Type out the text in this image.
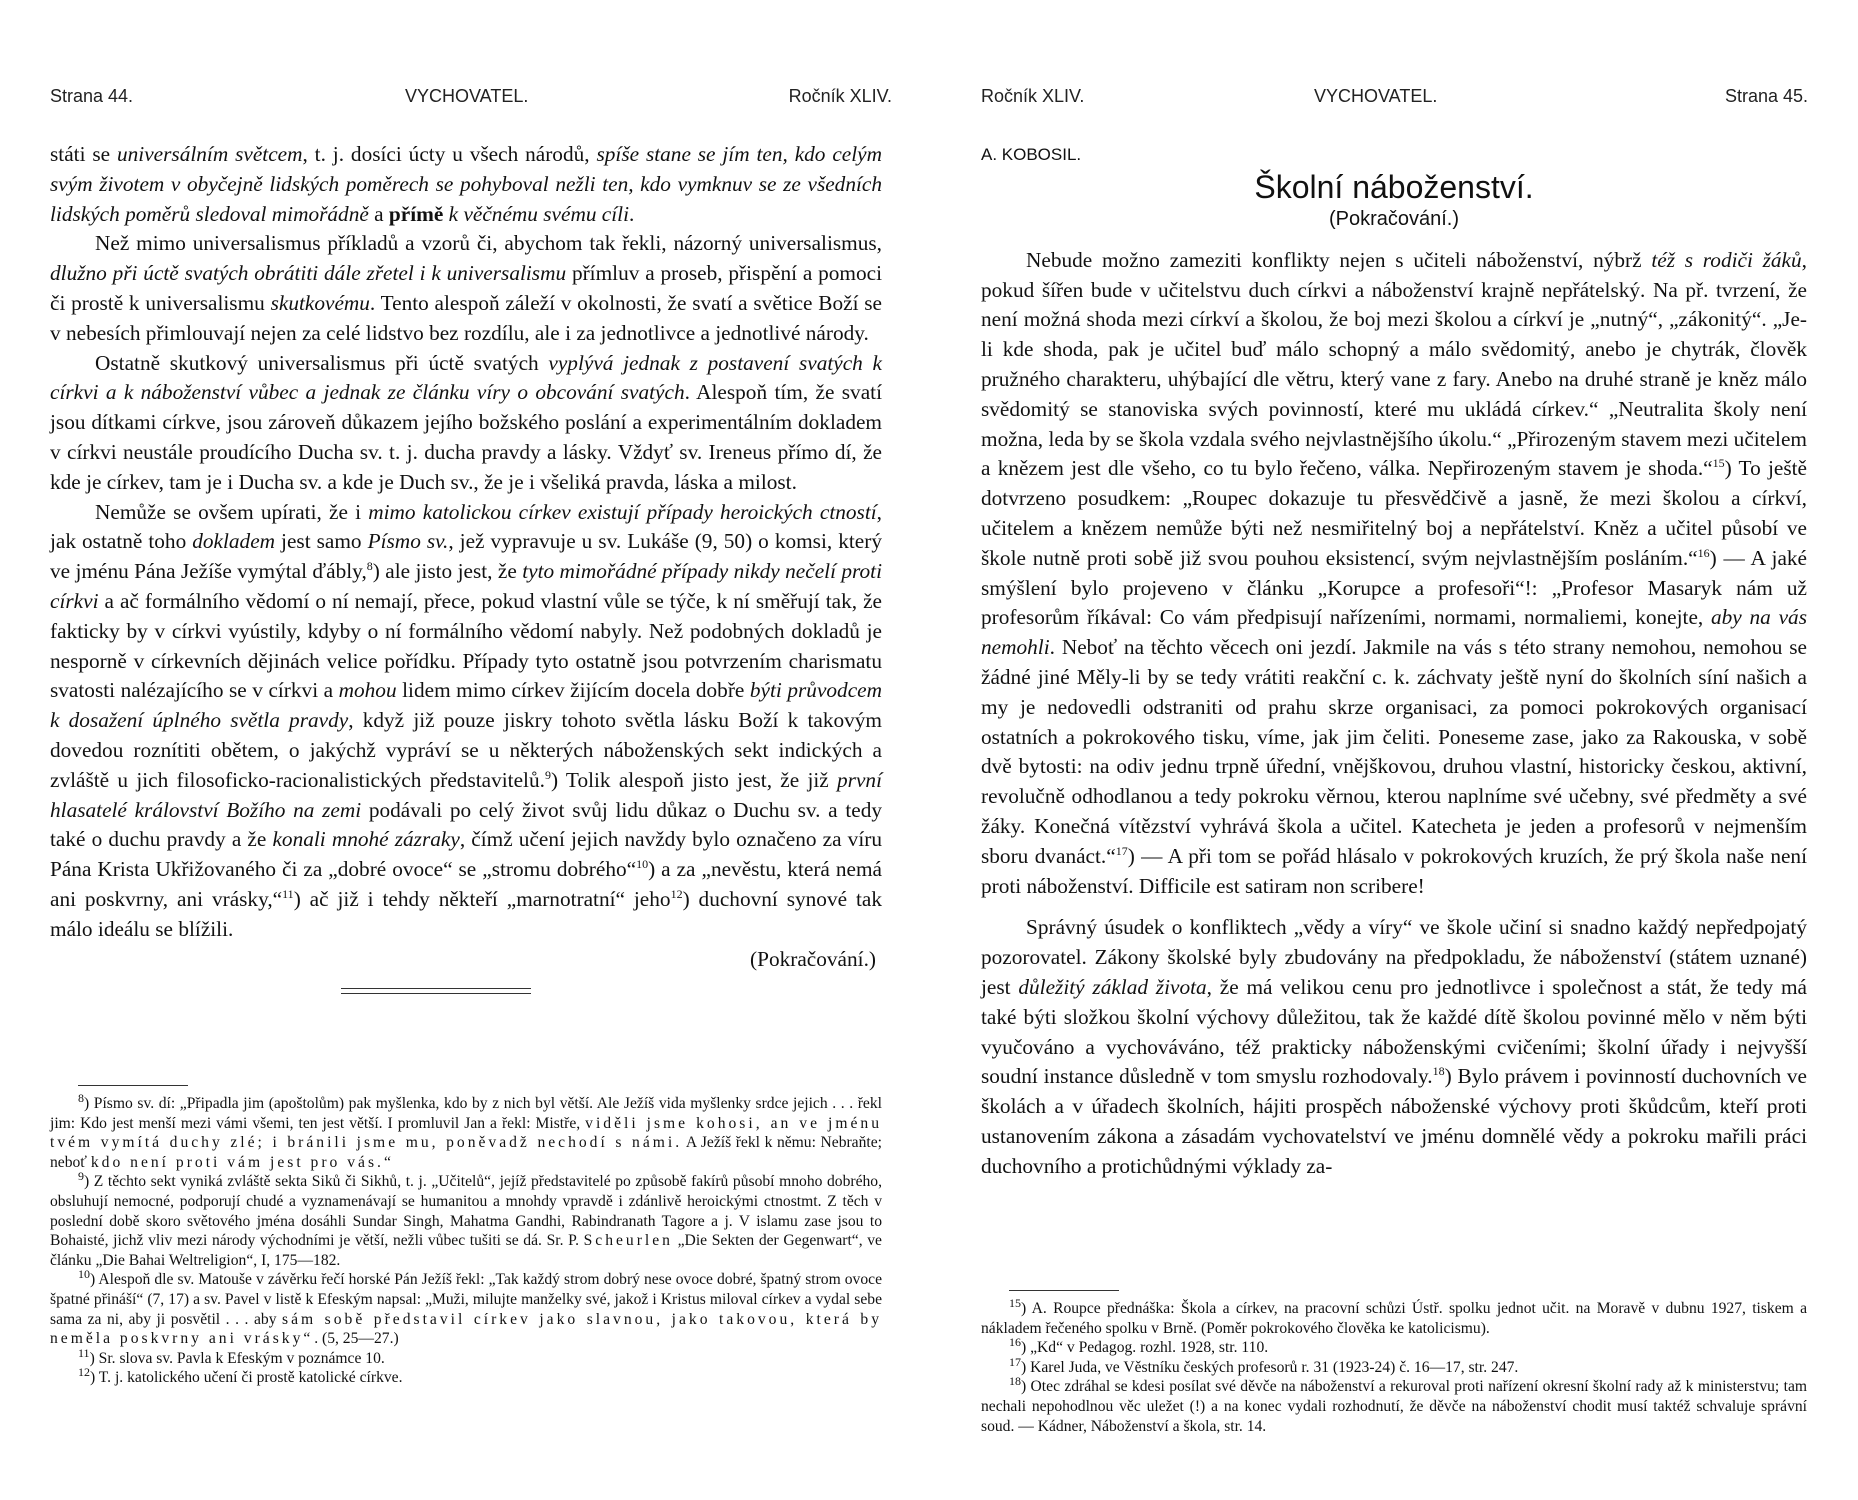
Strana 44.	VYCHOVATEL.	Ročník XLIV.

státi se universálním světcem, t. j. dosíci úcty u všech národů, spíše stane se jím ten, kdo celým svým životem v obyčejně lidských poměrech se pohyboval nežli ten, kdo vymknuv se ze všedních lidských poměrů sledoval mimořádně a přímě k věčnému svému cíli.

Než mimo universalismus příkladů a vzorů či, abychom tak řekli, názorný universalismus, dlužno při úctě svatých obrátiti dále zřetel i k universalismu přímluv a proseb, přispění a pomoci či prostě k universalismu skutkovému. Tento alespoň záleží v okolnosti, že svatí a světice Boží se v nebesích přimlouvají nejen za celé lidstvo bez rozdílu, ale i za jednotlivce a jednotlivé národy.

Ostatně skutkový universalismus při úctě svatých vyplývá jednak z postavení svatých k církvi a k náboženství vůbec a jednak ze článku víry o obcování svatých. Alespoň tím, že svatí jsou dítkami církve, jsou zároveň důkazem jejího božského poslání a experimentálním dokladem v církvi neustále proudícího Ducha sv. t. j. ducha pravdy a lásky. Vždyť sv. Ireneus přímo dí, že kde je církev, tam je i Ducha sv. a kde je Duch sv., že je i všeliká pravda, láska a milost.

Nemůže se ovšem upírati, že i mimo katolickou církev existují případy heroických ctností, jak ostatně toho dokladem jest samo Písmo sv., jež vypravuje u sv. Lukáše (9, 50) o komsi, který ve jménu Pána Ježíše vymýtal ďábly,$^8$) ale jisto jest, že tyto mimořádné případy nikdy nečelí proti církvi a ač formálního vědomí o ní nemají, přece, pokud vlastní vůle se týče, k ní směřují tak, že fakticky by v církvi vyústily, kdyby o ní formálního vědomí nabyly. Než podobných dokladů je nesporně v církevních dějinách velice pořídku. Případy tyto ostatně jsou potvrzením charismatu svatosti nalézajícího se v církvi a mohou lidem mimo církev žijícím docela dobře býti průvodcem k dosažení úplného světla pravdy, když již pouze jiskry tohoto světla lásku Boží k takovým dovedou roznítiti obětem, o jakýchž vypráví se u některých náboženských sekt indických a zvláště u jich filosoficko-racionalistických představitelů.$^9$) Tolik alespoň jisto jest, že již první hlasatelé království Božího na zemi podávali po celý život svůj lidu důkaz o Duchu sv. a tedy také o duchu pravdy a že konali mnohé zázraky, čímž učení jejich navždy bylo označeno za víru Pána Krista Ukřižovaného či za „dobré ovoce“ se „stromu dobrého“$^{10}$) a za „nevěstu, která nemá ani poskvrny, ani vrásky,“$^{11}$) ač již i tehdy někteří „marnotratní“ jeho$^{12}$) duchovní synové tak málo ideálu se blížili.

(Pokračování.)

$^8$) Písmo sv. dí: „Připadla jim (apoštolům) pak myšlenka, kdo by z nich byl větší. Ale Ježíš vida myšlenky srdce jejich . . . řekl jim: Kdo jest menší mezi vámi všemi, ten jest větší. I promluvil Jan a řekl: Mistře, viděli jsme kohosi, an ve jménu tvém vymítá duchy zlé; i bránili jsme mu, poněvadž nechodí s námi. A Ježíš řekl k němu: Nebraňte; neboť kdo není proti vám jest pro vás.“

$^9$) Z těchto sekt vyniká zvláště sekta Siků či Sikhů, t. j. „Učitelů“, jejíž představitelé po způsobě fakírů působí mnoho dobrého, obsluhují nemocné, podporují chudé a vyznamenávají se humanitou a mnohdy vpravdě i zdánlivě heroickými ctnostmt. Z těch v poslední době skoro světového jména dosáhli Sundar Singh, Mahatma Gandhi, Rabindranath Tagore a j. V islamu zase jsou to Bohaisté, jichž vliv mezi národy východními je větší, nežli vůbec tušiti se dá. Sr. P. Scheurlen „Die Sekten der Gegenwart“, ve článku „Die Bahai Weltreligion“, I, 175—182.

$^{10}$) Alespoň dle sv. Matouše v závěrku řečí horské Pán Ježíš řekl: „Tak každý strom dobrý nese ovoce dobré, špatný strom ovoce špatné přináší“ (7, 17) a sv. Pavel v listě k Efeským napsal: „Muži, milujte manželky své, jakož i Kristus miloval církev a vydal sebe sama za ni, aby ji posvětil . . . aby sám sobě představil církev jako slavnou, jako takovou, která by neměla poskvrny ani vrásky“ . (5, 25—27.)

$^{11}$) Sr. slova sv. Pavla k Efeským v poznámce 10.

$^{12}$) T. j. katolického učení či prostě katolické církve.

Ročník XLIV.	VYCHOVATEL.	Strana 45.
A. KOBOSIL.
Školní náboženství.
(Pokračování.)

Nebude možno zameziti konflikty nejen s učiteli náboženství, nýbrž též s rodiči žáků, pokud šířen bude v učitelstvu duch církvi a náboženství krajně nepřátelský. Na př. tvrzení, že není možná shoda mezi církví a školou, že boj mezi školou a církví je „nutný“, „zákonitý“. „Je-li kde shoda, pak je učitel buď málo schopný a málo svědomitý, anebo je chytrák, člověk pružného charakteru, uhýbající dle větru, který vane z fary. Anebo na druhé straně je kněz málo svědomitý se stanoviska svých povinností, které mu ukládá církev.“ „Neutralita školy není možna, leda by se škola vzdala svého nejvlastnějšího úkolu.“ „Přirozeným stavem mezi učitelem a knězem jest dle všeho, co tu bylo řečeno, válka. Nepřirozeným stavem je shoda.“$^{15}$) To ještě dotvrzeno posudkem: „Roupec dokazuje tu přesvědčivě a jasně, že mezi školou a církví, učitelem a knězem nemůže býti než nesmiřitelný boj a nepřátelství. Kněz a učitel působí ve škole nutně proti sobě již svou pouhou eksistencí, svým nejvlastnějším posláním.“$^{16}$) — A jaké smýšlení bylo projeveno v článku „Korupce a profesoři“!: „Profesor Masaryk nám už profesorům říkával: Co vám předpisují nařízeními, normami, normaliemi, konejte, aby na vás nemohli. Neboť na těchto věcech oni jezdí. Jakmile na vás s této strany nemohou, nemohou se žádné jiné Měly-li by se tedy vrátiti reakční c. k. záchvaty ještě nyní do školních síní našich a my je nedovedli odstraniti od prahu skrze organisaci, za pomoci pokrokových organisací ostatních a pokrokového tisku, víme, jak jim čeliti. Poneseme zase, jako za Rakouska, v sobě dvě bytosti: na odiv jednu trpně úřední, vnějškovou, druhou vlastní, historicky českou, aktivní, revolučně odhodlanou a tedy pokroku věrnou, kterou naplníme své učebny, své předměty a své žáky. Konečná vítězství vyhrává škola a učitel. Katecheta je jeden a profesorů v nejmenším sboru dvanáct.“$^{17}$) — A při tom se pořád hlásalo v pokrokových kruzích, že prý škola naše není proti náboženství. Difficile est satiram non scribere!

Správný úsudek o konfliktech „vědy a víry“ ve škole učiní si snadno každý nepředpojatý pozorovatel. Zákony školské byly zbudovány na předpokladu, že náboženství (státem uznané) jest důležitý základ života, že má velikou cenu pro jednotlivce i společnost a stát, že tedy má také býti složkou školní výchovy důležitou, tak že každé dítě školou povinné mělo v něm býti vyučováno a vychováváno, též prakticky náboženskými cvičeními; školní úřady i nejvyšší soudní instance důsledně v tom smyslu rozhodovaly.$^{18}$) Bylo právem i povinností duchovních ve školách a v úřadech školních, hájiti prospěch náboženské výchovy proti škůdcům, kteří proti ustanovením zákona a zásadám vychovatelství ve jménu domnělé vědy a pokroku mařili práci duchovního a protichůdnými výklady za-

$^{15}$) A. Roupce přednáška: Škola a církev, na pracovní schůzi Ústř. spolku jednot učit. na Moravě v dubnu 1927, tiskem a nákladem řečeného spolku v Brně. (Poměr pokrokového člověka ke katolicismu).

$^{16}$) „Kd“ v Pedagog. rozhl. 1928, str. 110.

$^{17}$) Karel Juda, ve Věstníku českých profesorů r. 31 (1923-24) č. 16—17, str. 247.

$^{18}$) Otec zdráhal se kdesi posílat své děvče na náboženství a rekuroval proti nařízení okresní školní rady až k ministerstvu; tam nechali nepohodlnou věc uležet (!) a na konec vydali rozhodnutí, že děvče na náboženství chodit musí taktéž schvaluje správní soud. — Kádner, Náboženství a škola, str. 14.
